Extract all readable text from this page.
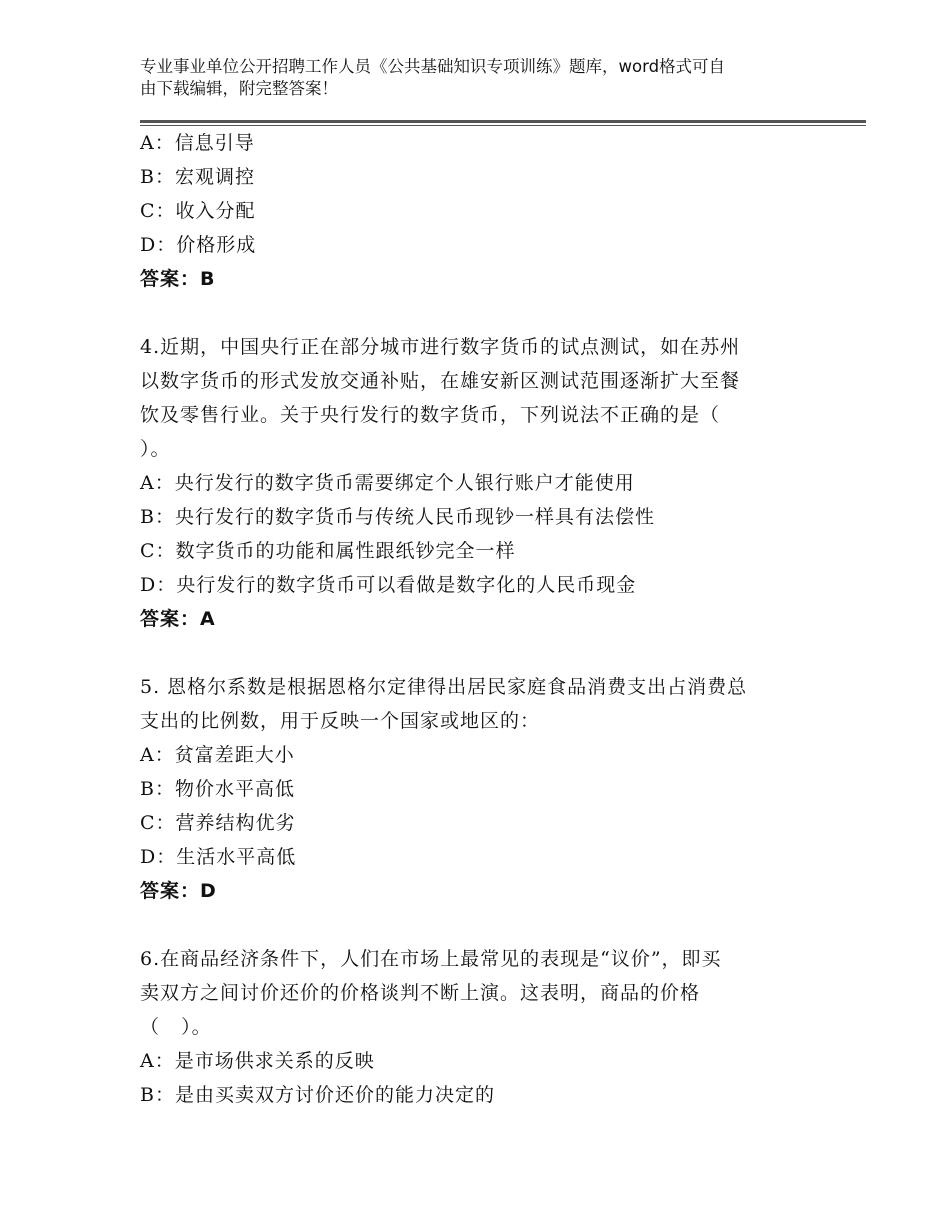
专业事业单位公开招聘工作人员《公共基础知识专项训练》题库，word格式可自
由下载编辑，附完整答案！
A：信息引导
B：宏观调控
C：收入分配
D：价格形成
答案：B
4.近期，中国央行正在部分城市进行数字货币的试点测试，如在苏州
以数字货币的形式发放交通补贴，在雄安新区测试范围逐渐扩大至餐
饮及零售行业。关于央行发行的数字货币，下列说法不正确的是（
）。
A：央行发行的数字货币需要绑定个人银行账户才能使用
B：央行发行的数字货币与传统人民币现钞一样具有法偿性
C：数字货币的功能和属性跟纸钞完全一样
D：央行发行的数字货币可以看做是数字化的人民币现金
答案：A
5. 恩格尔系数是根据恩格尔定律得出居民家庭食品消费支出占消费总
支出的比例数，用于反映一个国家或地区的：
A：贫富差距大小
B：物价水平高低
C：营养结构优劣
D：生活水平高低
答案：D
6.在商品经济条件下，人们在市场上最常见的表现是“议价”，即买
卖双方之间讨价还价的价格谈判不断上演。这表明，商品的价格
（   ）。
A：是市场供求关系的反映
B：是由买卖双方讨价还价的能力决定的
